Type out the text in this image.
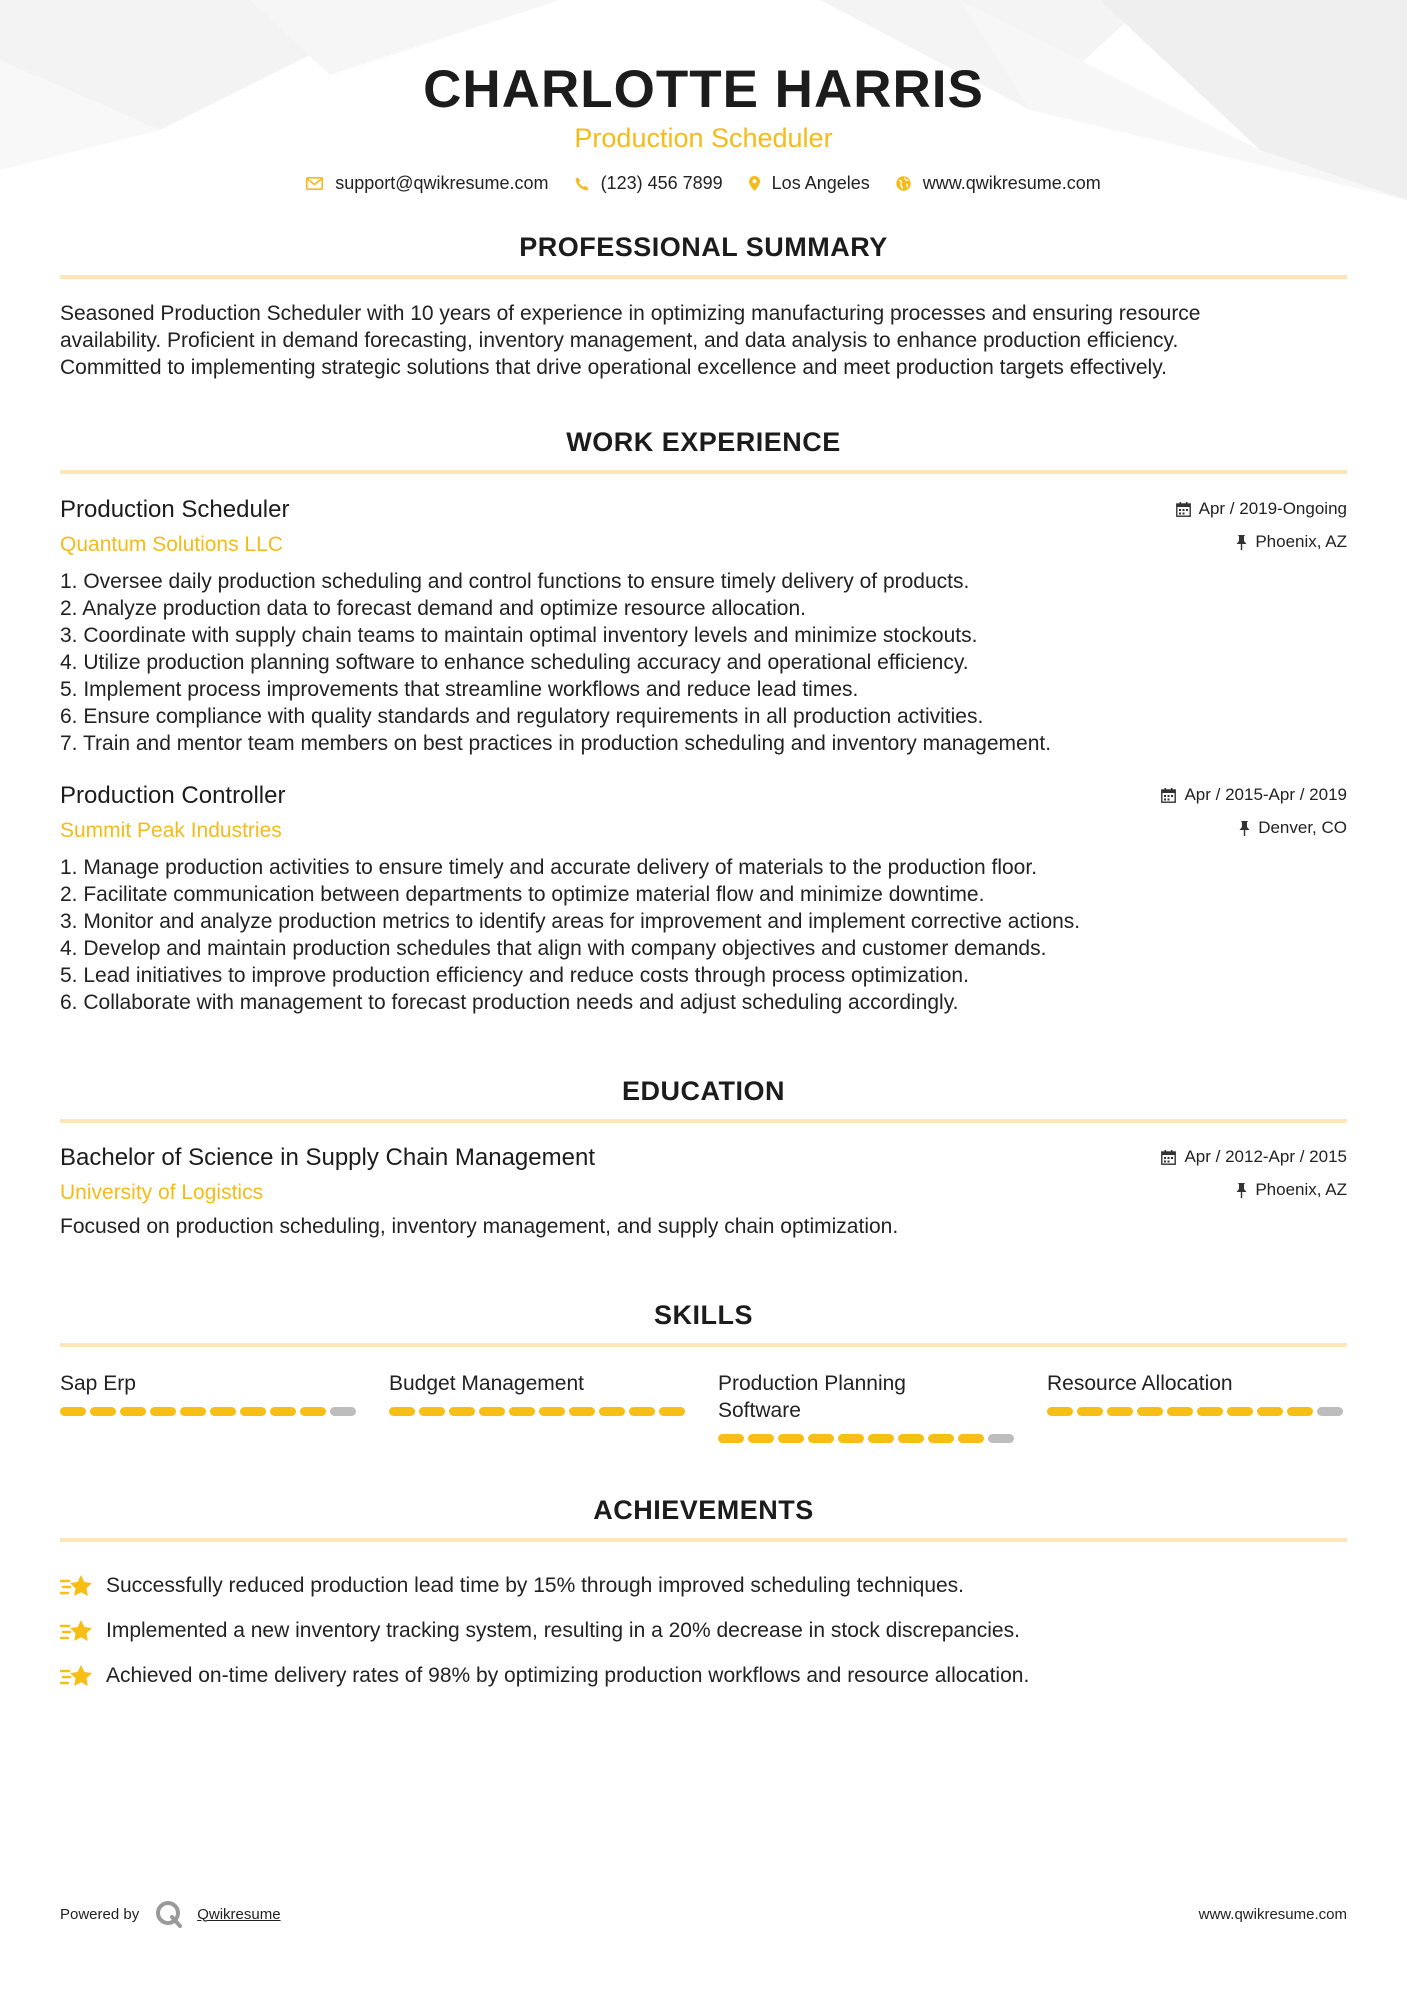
CHARLOTTE HARRIS
Production Scheduler
support@qwikresume.com	(123) 456 7899	Los Angeles	www.qwikresume.com
PROFESSIONAL SUMMARY
Seasoned Production Scheduler with 10 years of experience in optimizing manufacturing processes and ensuring resource
availability. Proficient in demand forecasting, inventory management, and data analysis to enhance production efficiency.
Committed to implementing strategic solutions that drive operational excellence and meet production targets effectively.
WORK EXPERIENCE
Production Scheduler
Quantum Solutions LLC
Apr / 2019-Ongoing
Phoenix, AZ
1. Oversee daily production scheduling and control functions to ensure timely delivery of products.
2. Analyze production data to forecast demand and optimize resource allocation.
3. Coordinate with supply chain teams to maintain optimal inventory levels and minimize stockouts.
4. Utilize production planning software to enhance scheduling accuracy and operational efficiency.
5. Implement process improvements that streamline workflows and reduce lead times.
6. Ensure compliance with quality standards and regulatory requirements in all production activities.
7. Train and mentor team members on best practices in production scheduling and inventory management.
Production Controller
Summit Peak Industries
Apr / 2015-Apr / 2019
Denver, CO
1. Manage production activities to ensure timely and accurate delivery of materials to the production floor.
2. Facilitate communication between departments to optimize material flow and minimize downtime.
3. Monitor and analyze production metrics to identify areas for improvement and implement corrective actions.
4. Develop and maintain production schedules that align with company objectives and customer demands.
5. Lead initiatives to improve production efficiency and reduce costs through process optimization.
6. Collaborate with management to forecast production needs and adjust scheduling accordingly.
EDUCATION
Bachelor of Science in Supply Chain Management
University of Logistics
Apr / 2012-Apr / 2015
Phoenix, AZ
Focused on production scheduling, inventory management, and supply chain optimization.
SKILLS
Sap Erp	Budget Management	Production Planning Software
Resource Allocation
ACHIEVEMENTS
Successfully reduced production lead time by 15% through improved scheduling techniques.
Implemented a new inventory tracking system, resulting in a 20% decrease in stock discrepancies.
Achieved on-time delivery rates of 98% by optimizing production workflows and resource allocation.
Powered by	Qwikresume	www.qwikresume.com
